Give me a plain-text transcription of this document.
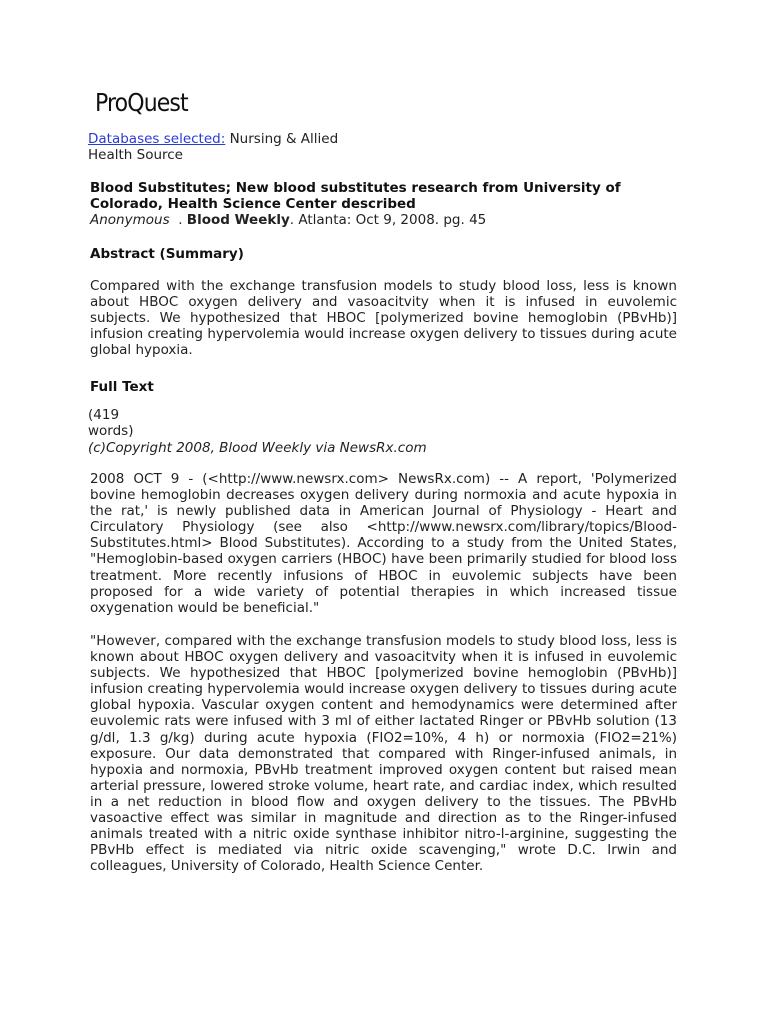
ProQuest
Databases selected: Nursing & Allied Health Source
Blood Substitutes; New blood substitutes research from University of Colorado, Health Science Center described
Anonymous . Blood Weekly. Atlanta: Oct 9, 2008. pg. 45
Abstract (Summary)
Compared with the exchange transfusion models to study blood loss, less is known about HBOC oxygen delivery and vasoacitvity when it is infused in euvolemic subjects. We hypothesized that HBOC [polymerized bovine hemoglobin (PBvHb)] infusion creating hypervolemia would increase oxygen delivery to tissues during acute global hypoxia.
Full Text
(419 words)
(c)Copyright 2008, Blood Weekly via NewsRx.com
2008 OCT 9 - (<http://www.newsrx.com> NewsRx.com) -- A report, 'Polymerized bovine hemoglobin decreases oxygen delivery during normoxia and acute hypoxia in the rat,' is newly published data in American Journal of Physiology - Heart and Circulatory Physiology (see also <http://www.newsrx.com/library/topics/Blood-Substitutes.html> Blood Substitutes). According to a study from the United States, "Hemoglobin-based oxygen carriers (HBOC) have been primarily studied for blood loss treatment. More recently infusions of HBOC in euvolemic subjects have been proposed for a wide variety of potential therapies in which increased tissue oxygenation would be beneficial."
"However, compared with the exchange transfusion models to study blood loss, less is known about HBOC oxygen delivery and vasoacitvity when it is infused in euvolemic subjects. We hypothesized that HBOC [polymerized bovine hemoglobin (PBvHb)] infusion creating hypervolemia would increase oxygen delivery to tissues during acute global hypoxia. Vascular oxygen content and hemodynamics were determined after euvolemic rats were infused with 3 ml of either lactated Ringer or PBvHb solution (13 g/dl, 1.3 g/kg) during acute hypoxia (FIO2=10%, 4 h) or normoxia (FIO2=21%) exposure. Our data demonstrated that compared with Ringer-infused animals, in hypoxia and normoxia, PBvHb treatment improved oxygen content but raised mean arterial pressure, lowered stroke volume, heart rate, and cardiac index, which resulted in a net reduction in blood flow and oxygen delivery to the tissues. The PBvHb vasoactive effect was similar in magnitude and direction as to the Ringer-infused animals treated with a nitric oxide synthase inhibitor nitro-l-arginine, suggesting the PBvHb effect is mediated via nitric oxide scavenging," wrote D.C. Irwin and colleagues, University of Colorado, Health Science Center.
